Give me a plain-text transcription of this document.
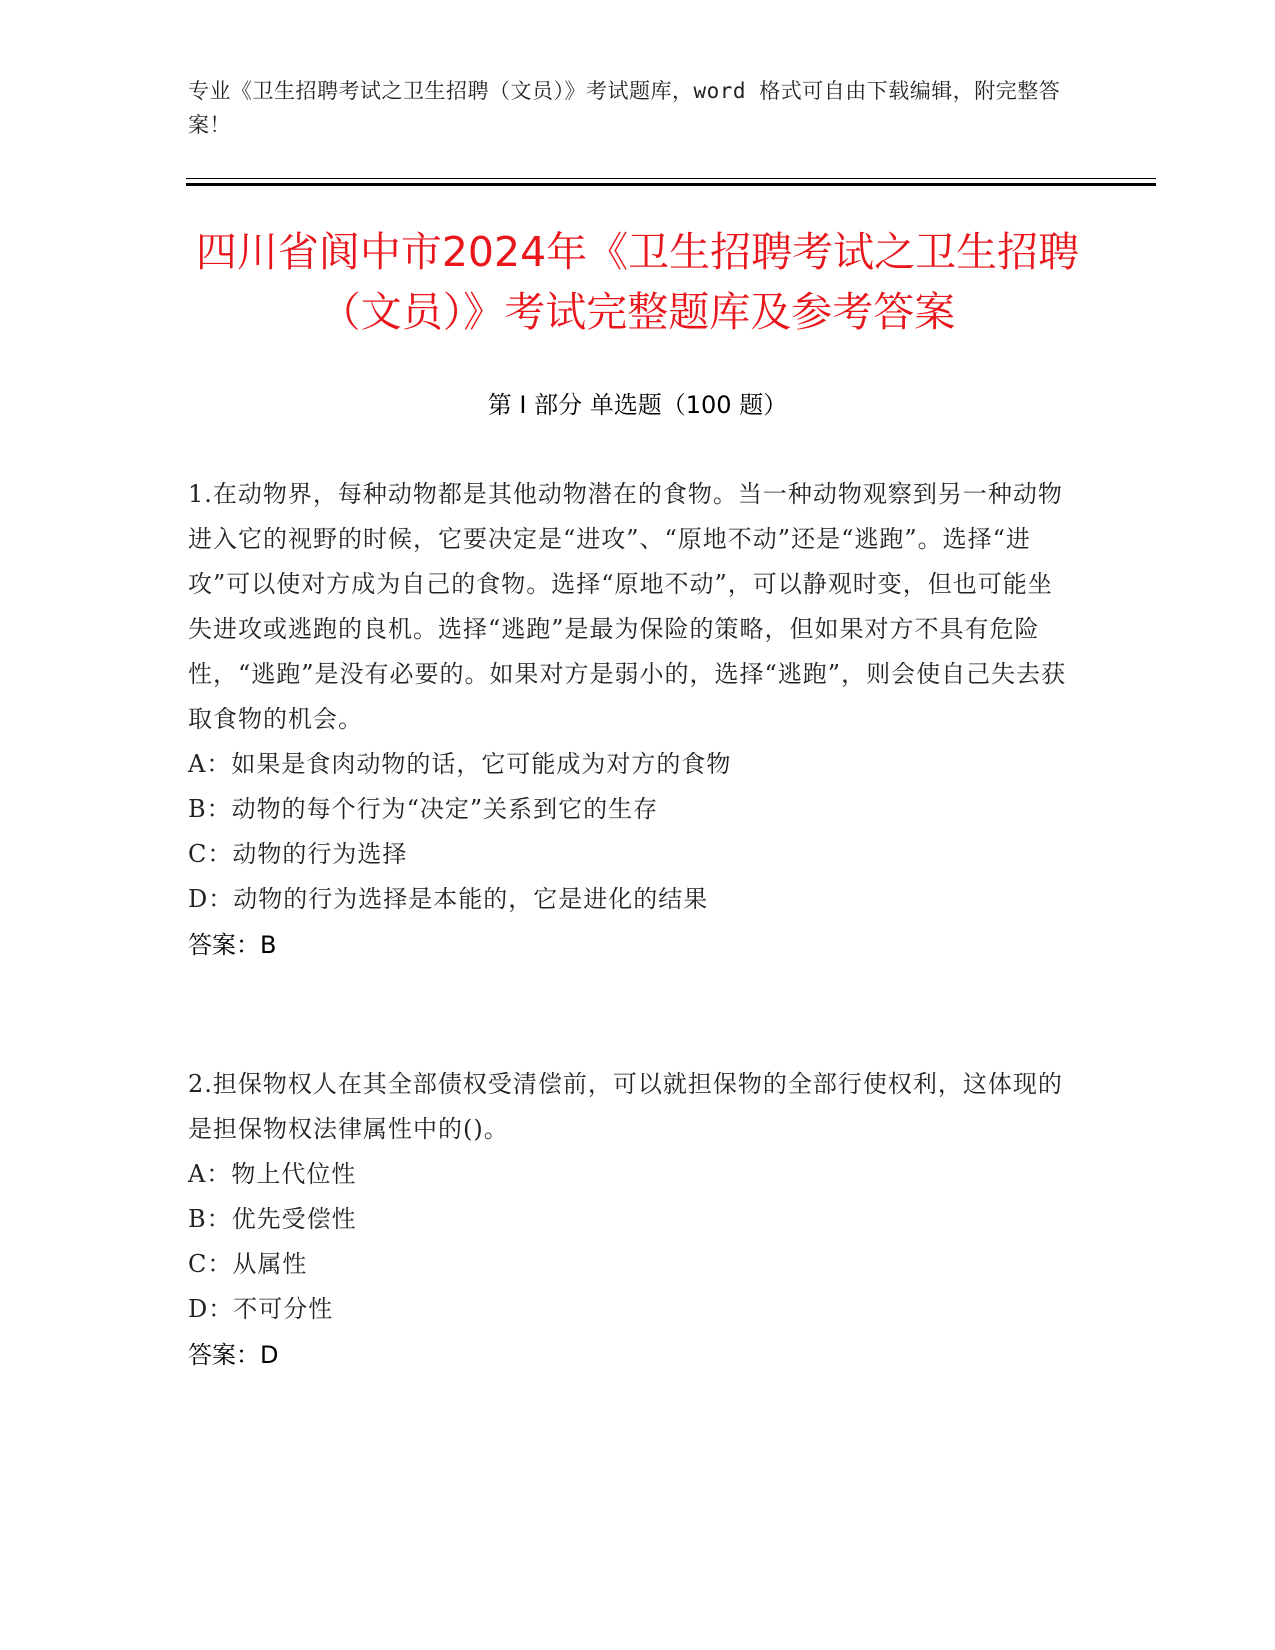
专业《卫生招聘考试之卫生招聘（文员）》考试题库，word 格式可自由下载编辑，附完整答案！
四川省阆中市2024年《卫生招聘考试之卫生招聘（文员）》考试完整题库及参考答案
第 I 部分 单选题（100 题）
1.在动物界，每种动物都是其他动物潜在的食物。当一种动物观察到另一种动物进入它的视野的时候，它要决定是“进攻”、“原地不动”还是“逃跑”。选择“进攻”可以使对方成为自己的食物。选择“原地不动”，可以静观时变，但也可能坐失进攻或逃跑的良机。选择“逃跑”是最为保险的策略，但如果对方不具有危险性，“逃跑”是没有必要的。如果对方是弱小的，选择“逃跑”，则会使自己失去获取食物的机会。
A：如果是食肉动物的话，它可能成为对方的食物
B：动物的每个行为“决定”关系到它的生存
C：动物的行为选择
D：动物的行为选择是本能的，它是进化的结果
答案：B
2.担保物权人在其全部债权受清偿前，可以就担保物的全部行使权利，这体现的是担保物权法律属性中的()。
A：物上代位性
B：优先受偿性
C：从属性
D：不可分性
答案：D
